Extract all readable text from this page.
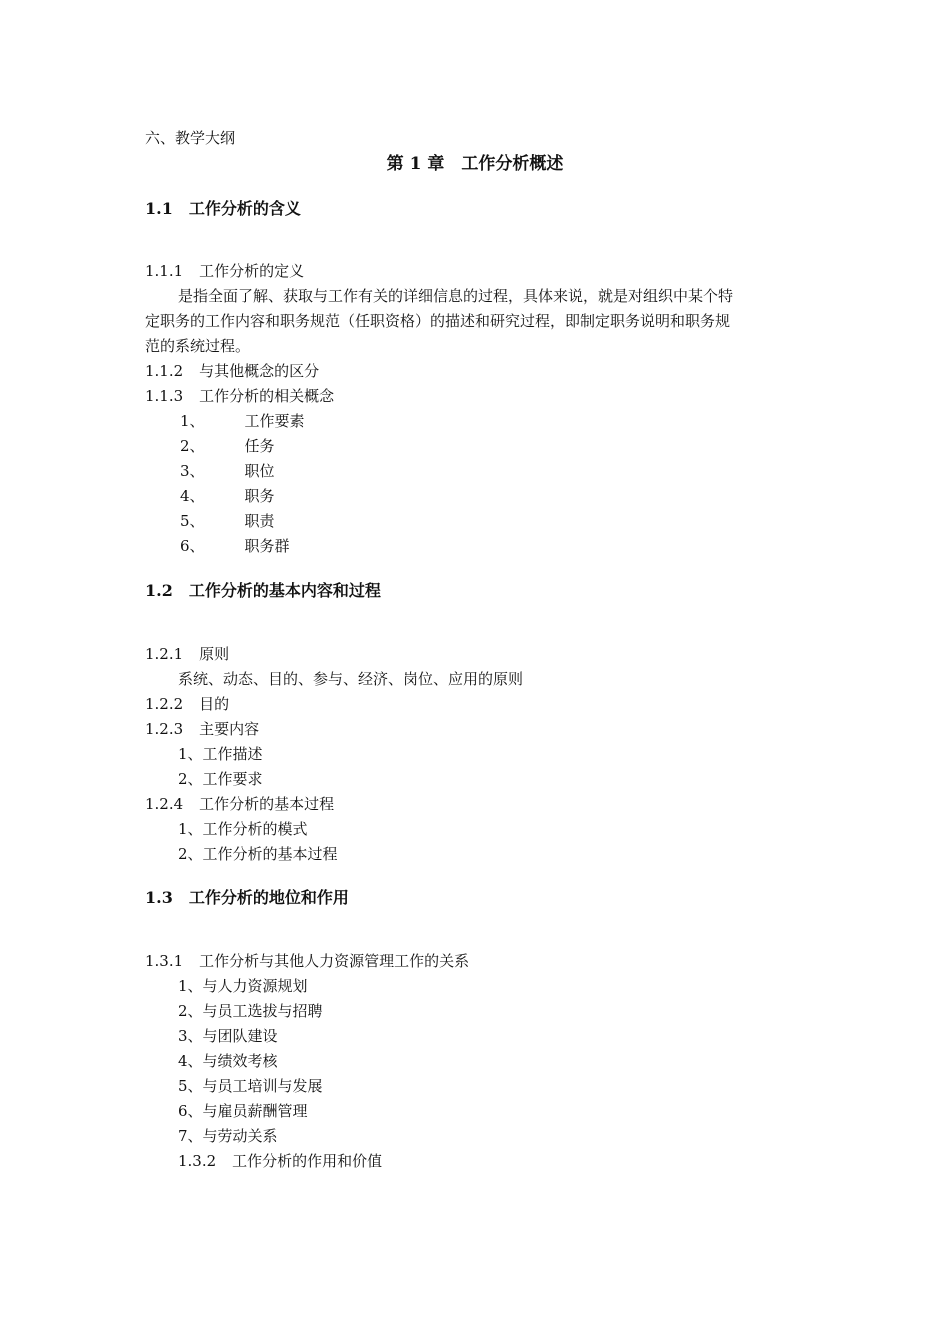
六、教学大纲
第 1 章　工作分析概述
1.1 工作分析的含义
1.1.1 工作分析的定义
是指全面了解、获取与工作有关的详细信息的过程，具体来说，就是对组织中某个特
定职务的工作内容和职务规范（任职资格）的描述和研究过程，即制定职务说明和职务规
范的系统过程。
1.1.2 与其他概念的区分
1.1.3 工作分析的相关概念
1、	工作要素
2、	任务
3、	职位
4、	职务
5、	职责
6、	职务群
1.2 工作分析的基本内容和过程
1.2.1 原则
系统、动态、目的、参与、经济、岗位、应用的原则
1.2.2 目的
1.2.3 主要内容
1、工作描述
2、工作要求
1.2.4 工作分析的基本过程
1、工作分析的模式
2、工作分析的基本过程
1.3 工作分析的地位和作用
1.3.1 工作分析与其他人力资源管理工作的关系
1、与人力资源规划
2、与员工选拔与招聘
3、与团队建设
4、与绩效考核
5、与员工培训与发展
6、与雇员薪酬管理
7、与劳动关系
1.3.2 工作分析的作用和价值
